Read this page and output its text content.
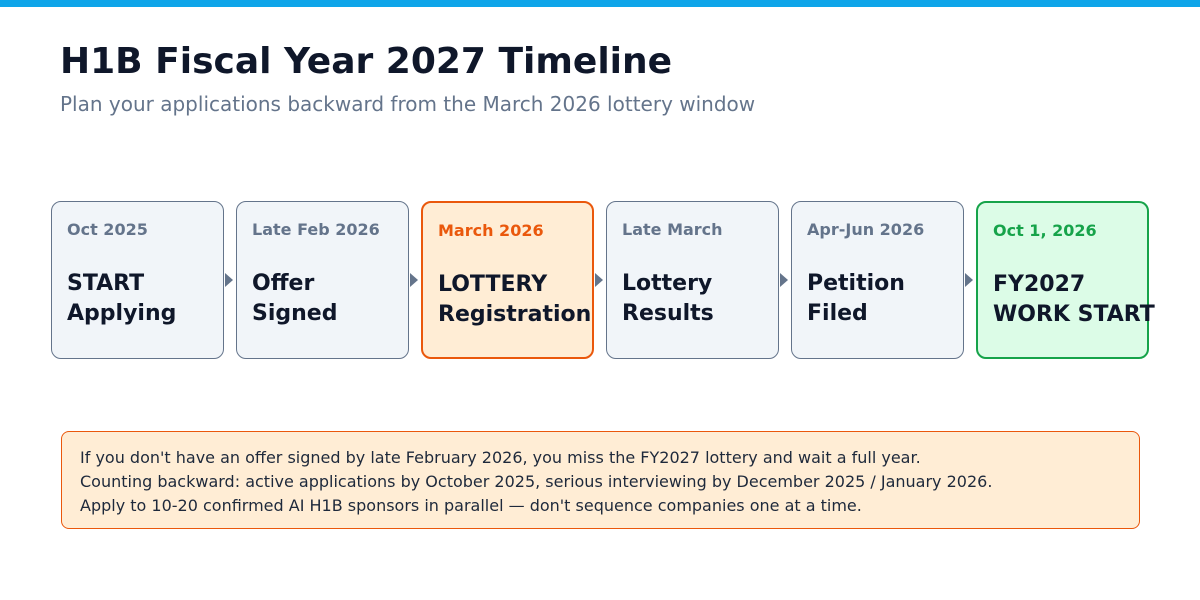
H1B Fiscal Year 2027 Timeline

Plan your applications backward from the March 2026 lottery window

Oct 2025
START
Applying
Late Feb 2026
Offer
Signed
March 2026
LOTTERY
Registration
Late March
Lottery
Results
Apr-Jun 2026
Petition
Filed
Oct 1, 2026
FY2027
WORK START
If you don't have an offer signed by late February 2026, you miss the FY2027 lottery and wait a full year.
Counting backward: active applications by October 2025, serious interviewing by December 2025 / January 2026.
Apply to 10-20 confirmed AI H1B sponsors in parallel — don't sequence companies one at a time.
